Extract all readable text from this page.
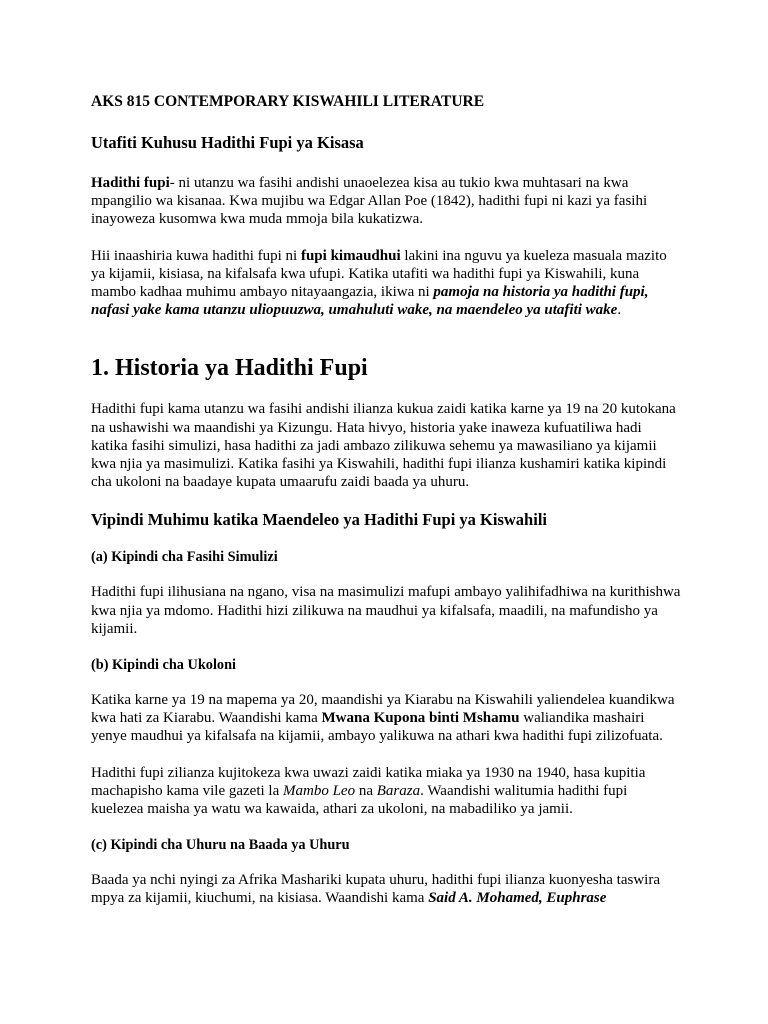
AKS 815 CONTEMPORARY KISWAHILI LITERATURE
Utafiti Kuhusu Hadithi Fupi ya Kisasa

Hadithi fupi- ni utanzu wa fasihi andishi unaoelezea kisa au tukio kwa muhtasari na kwa mpangilio wa kisanaa. Kwa mujibu wa Edgar Allan Poe (1842), hadithi fupi ni kazi ya fasihi inayoweza kusomwa kwa muda mmoja bila kukatizwa.

Hii inaashiria kuwa hadithi fupi ni fupi kimaudhui lakini ina nguvu ya kueleza masuala mazito ya kijamii, kisiasa, na kifalsafa kwa ufupi. Katika utafiti wa hadithi fupi ya Kiswahili, kuna mambo kadhaa muhimu ambayo nitayaangazia, ikiwa ni pamoja na historia ya hadithi fupi, nafasi yake kama utanzu uliopuuzwa, umahuluti wake, na maendeleo ya utafiti wake.

1. Historia ya Hadithi Fupi

Hadithi fupi kama utanzu wa fasihi andishi ilianza kukua zaidi katika karne ya 19 na 20 kutokana na ushawishi wa maandishi ya Kizungu. Hata hivyo, historia yake inaweza kufuatiliwa hadi katika fasihi simulizi, hasa hadithi za jadi ambazo zilikuwa sehemu ya mawasiliano ya kijamii kwa njia ya masimulizi. Katika fasihi ya Kiswahili, hadithi fupi ilianza kushamiri katika kipindi cha ukoloni na baadaye kupata umaarufu zaidi baada ya uhuru.

Vipindi Muhimu katika Maendeleo ya Hadithi Fupi ya Kiswahili
(a) Kipindi cha Fasihi Simulizi

Hadithi fupi ilihusiana na ngano, visa na masimulizi mafupi ambayo yalihifadhiwa na kurithishwa kwa njia ya mdomo. Hadithi hizi zilikuwa na maudhui ya kifalsafa, maadili, na mafundisho ya kijamii.

(b) Kipindi cha Ukoloni

Katika karne ya 19 na mapema ya 20, maandishi ya Kiarabu na Kiswahili yaliendelea kuandikwa kwa hati za Kiarabu. Waandishi kama Mwana Kupona binti Mshamu waliandika mashairi yenye maudhui ya kifalsafa na kijamii, ambayo yalikuwa na athari kwa hadithi fupi zilizofuata.

Hadithi fupi zilianza kujitokeza kwa uwazi zaidi katika miaka ya 1930 na 1940, hasa kupitia machapisho kama vile gazeti la Mambo Leo na Baraza. Waandishi walitumia hadithi fupi kuelezea maisha ya watu wa kawaida, athari za ukoloni, na mabadiliko ya jamii.

(c) Kipindi cha Uhuru na Baada ya Uhuru

Baada ya nchi nyingi za Afrika Mashariki kupata uhuru, hadithi fupi ilianza kuonyesha taswira mpya za kijamii, kiuchumi, na kisiasa. Waandishi kama Said A. Mohamed, Euphrase
